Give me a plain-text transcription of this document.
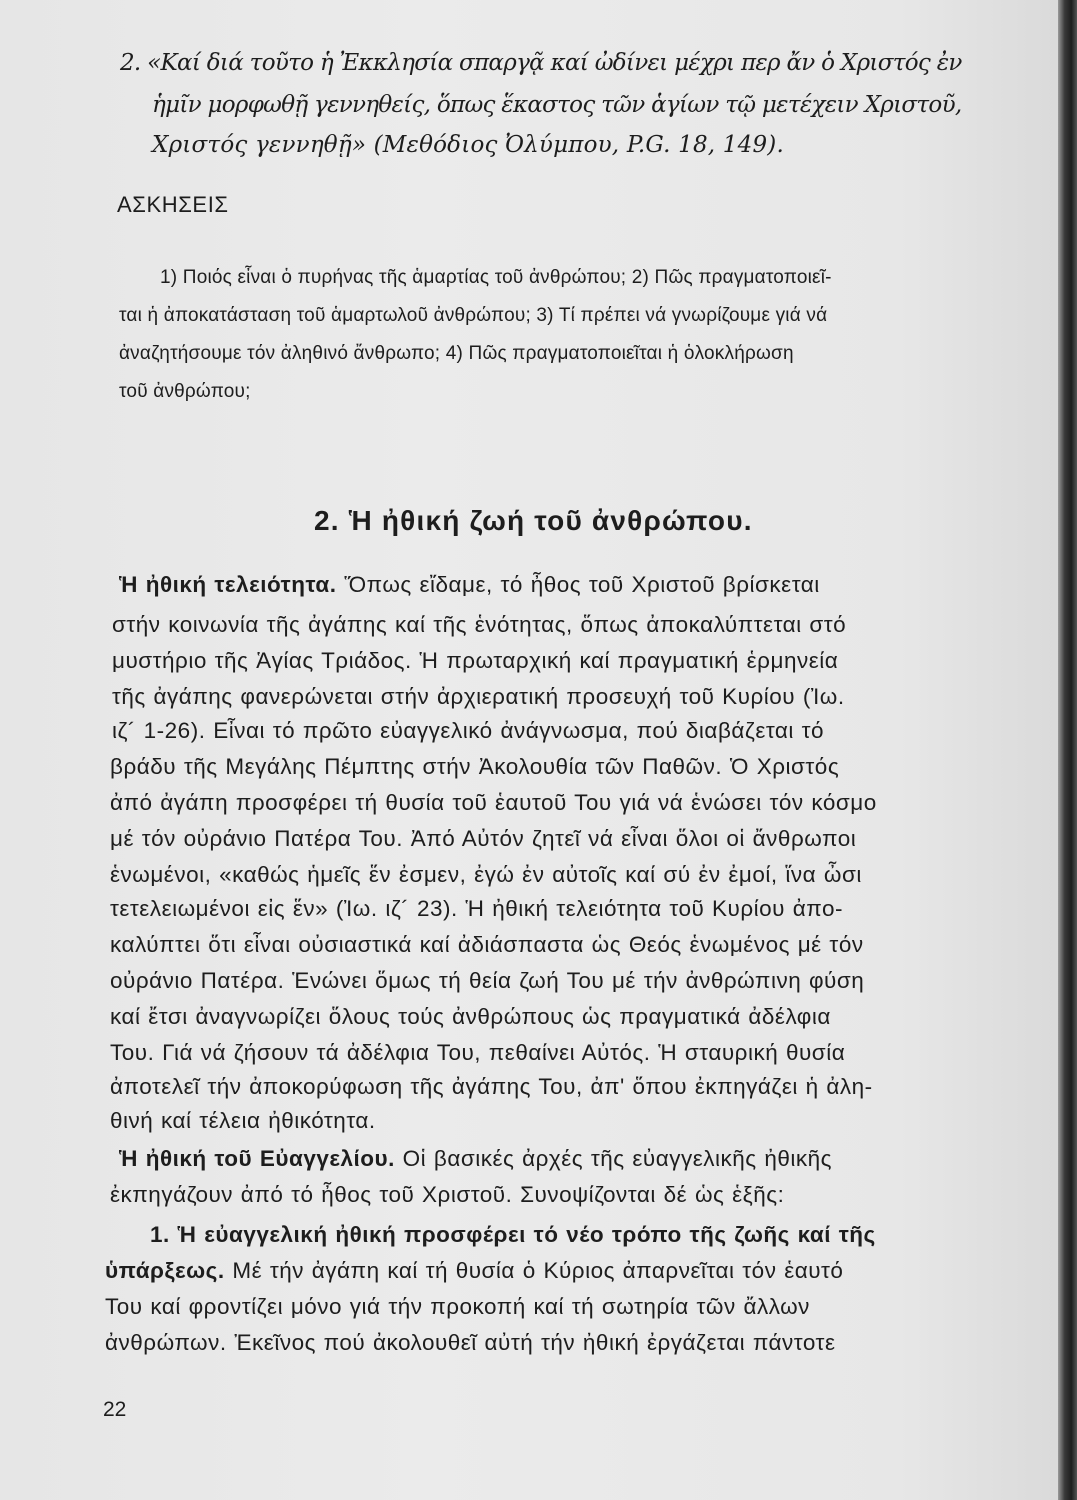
2. «Καί διά τοῦτο ἡ Ἐκκλησία σπαργᾷ καί ὠδίνει μέχρι περ ἄν ὁ Χριστός ἐν

ἡμῖν μορφωθῇ γεννηθείς, ὅπως ἕκαστος τῶν ἁγίων τῷ μετέχειν Χριστοῦ,

Χριστός γεννηθῇ» (Μεθόδιος Ὀλύμπου, P.G. 18, 149).

ΑΣΚΗΣΕΙΣ

1) Ποιός εἶναι ὁ πυρήνας τῆς ἁμαρτίας τοῦ ἀνθρώπου; 2) Πῶς πραγματοποιεῖ-

ται ἡ ἀποκατάσταση τοῦ ἁμαρτωλοῦ ἀνθρώπου; 3) Τί πρέπει νά γνωρίζουμε γιά νά

ἀναζητήσουμε τόν ἀληθινό ἄνθρωπο; 4) Πῶς πραγματοποιεῖται ἡ ὁλοκλήρωση

τοῦ ἀνθρώπου;

2. Ἡ ἠθική ζωή τοῦ ἀνθρώπου.

Ἡ ἠθική τελειότητα. Ὅπως εἴδαμε, τό ἦθος τοῦ Χριστοῦ βρίσκεται

στήν κοινωνία τῆς ἀγάπης καί τῆς ἑνότητας, ὅπως ἀποκαλύπτεται στό

μυστήριο τῆς Ἁγίας Τριάδος. Ἡ πρωταρχική καί πραγματική ἑρμηνεία

τῆς ἀγάπης φανερώνεται στήν ἀρχιερατική προσευχή τοῦ Κυρίου (Ἰω.

ιζ´ 1-26). Εἶναι τό πρῶτο εὐαγγελικό ἀνάγνωσμα, πού διαβάζεται τό

βράδυ τῆς Μεγάλης Πέμπτης στήν Ἀκολουθία τῶν Παθῶν. Ὁ Χριστός

ἀπό ἀγάπη προσφέρει τή θυσία τοῦ ἑαυτοῦ Του γιά νά ἑνώσει τόν κόσμο

μέ τόν οὐράνιο Πατέρα Του. Ἀπό Αὐτόν ζητεῖ νά εἶναι ὅλοι οἱ ἄνθρωποι

ἑνωμένοι, «καθώς ἡμεῖς ἕν ἐσμεν, ἐγώ ἐν αὐτοῖς καί σύ ἐν ἐμοί, ἵνα ὦσι

τετελειωμένοι εἰς ἕν» (Ἰω. ιζ´ 23). Ἡ ἠθική τελειότητα τοῦ Κυρίου ἀπο-

καλύπτει ὅτι εἶναι οὐσιαστικά καί ἀδιάσπαστα ὡς Θεός ἑνωμένος μέ τόν

οὐράνιο Πατέρα. Ἑνώνει ὅμως τή θεία ζωή Του μέ τήν ἀνθρώπινη φύση

καί ἔτσι ἀναγνωρίζει ὅλους τούς ἀνθρώπους ὡς πραγματικά ἀδέλφια

Του. Γιά νά ζήσουν τά ἀδέλφια Του, πεθαίνει Αὐτός. Ἡ σταυρική θυσία

ἀποτελεῖ τήν ἀποκορύφωση τῆς ἀγάπης Του, ἀπ' ὅπου ἐκπηγάζει ἡ ἀλη-

θινή καί τέλεια ἠθικότητα.

Ἡ ἠθική τοῦ Εὐαγγελίου. Οἱ βασικές ἀρχές τῆς εὐαγγελικῆς ἠθικῆς

ἐκπηγάζουν ἀπό τό ἦθος τοῦ Χριστοῦ. Συνοψίζονται δέ ὡς ἑξῆς:

1. Ἡ εὐαγγελική ἠθική προσφέρει τό νέο τρόπο τῆς ζωῆς καί τῆς

ὑπάρξεως. Μέ τήν ἀγάπη καί τή θυσία ὁ Κύριος ἀπαρνεῖται τόν ἑαυτό

Του καί φροντίζει μόνο γιά τήν προκοπή καί τή σωτηρία τῶν ἄλλων

ἀνθρώπων. Ἐκεῖνος πού ἀκολουθεῖ αὐτή τήν ἠθική ἐργάζεται πάντοτε

22
